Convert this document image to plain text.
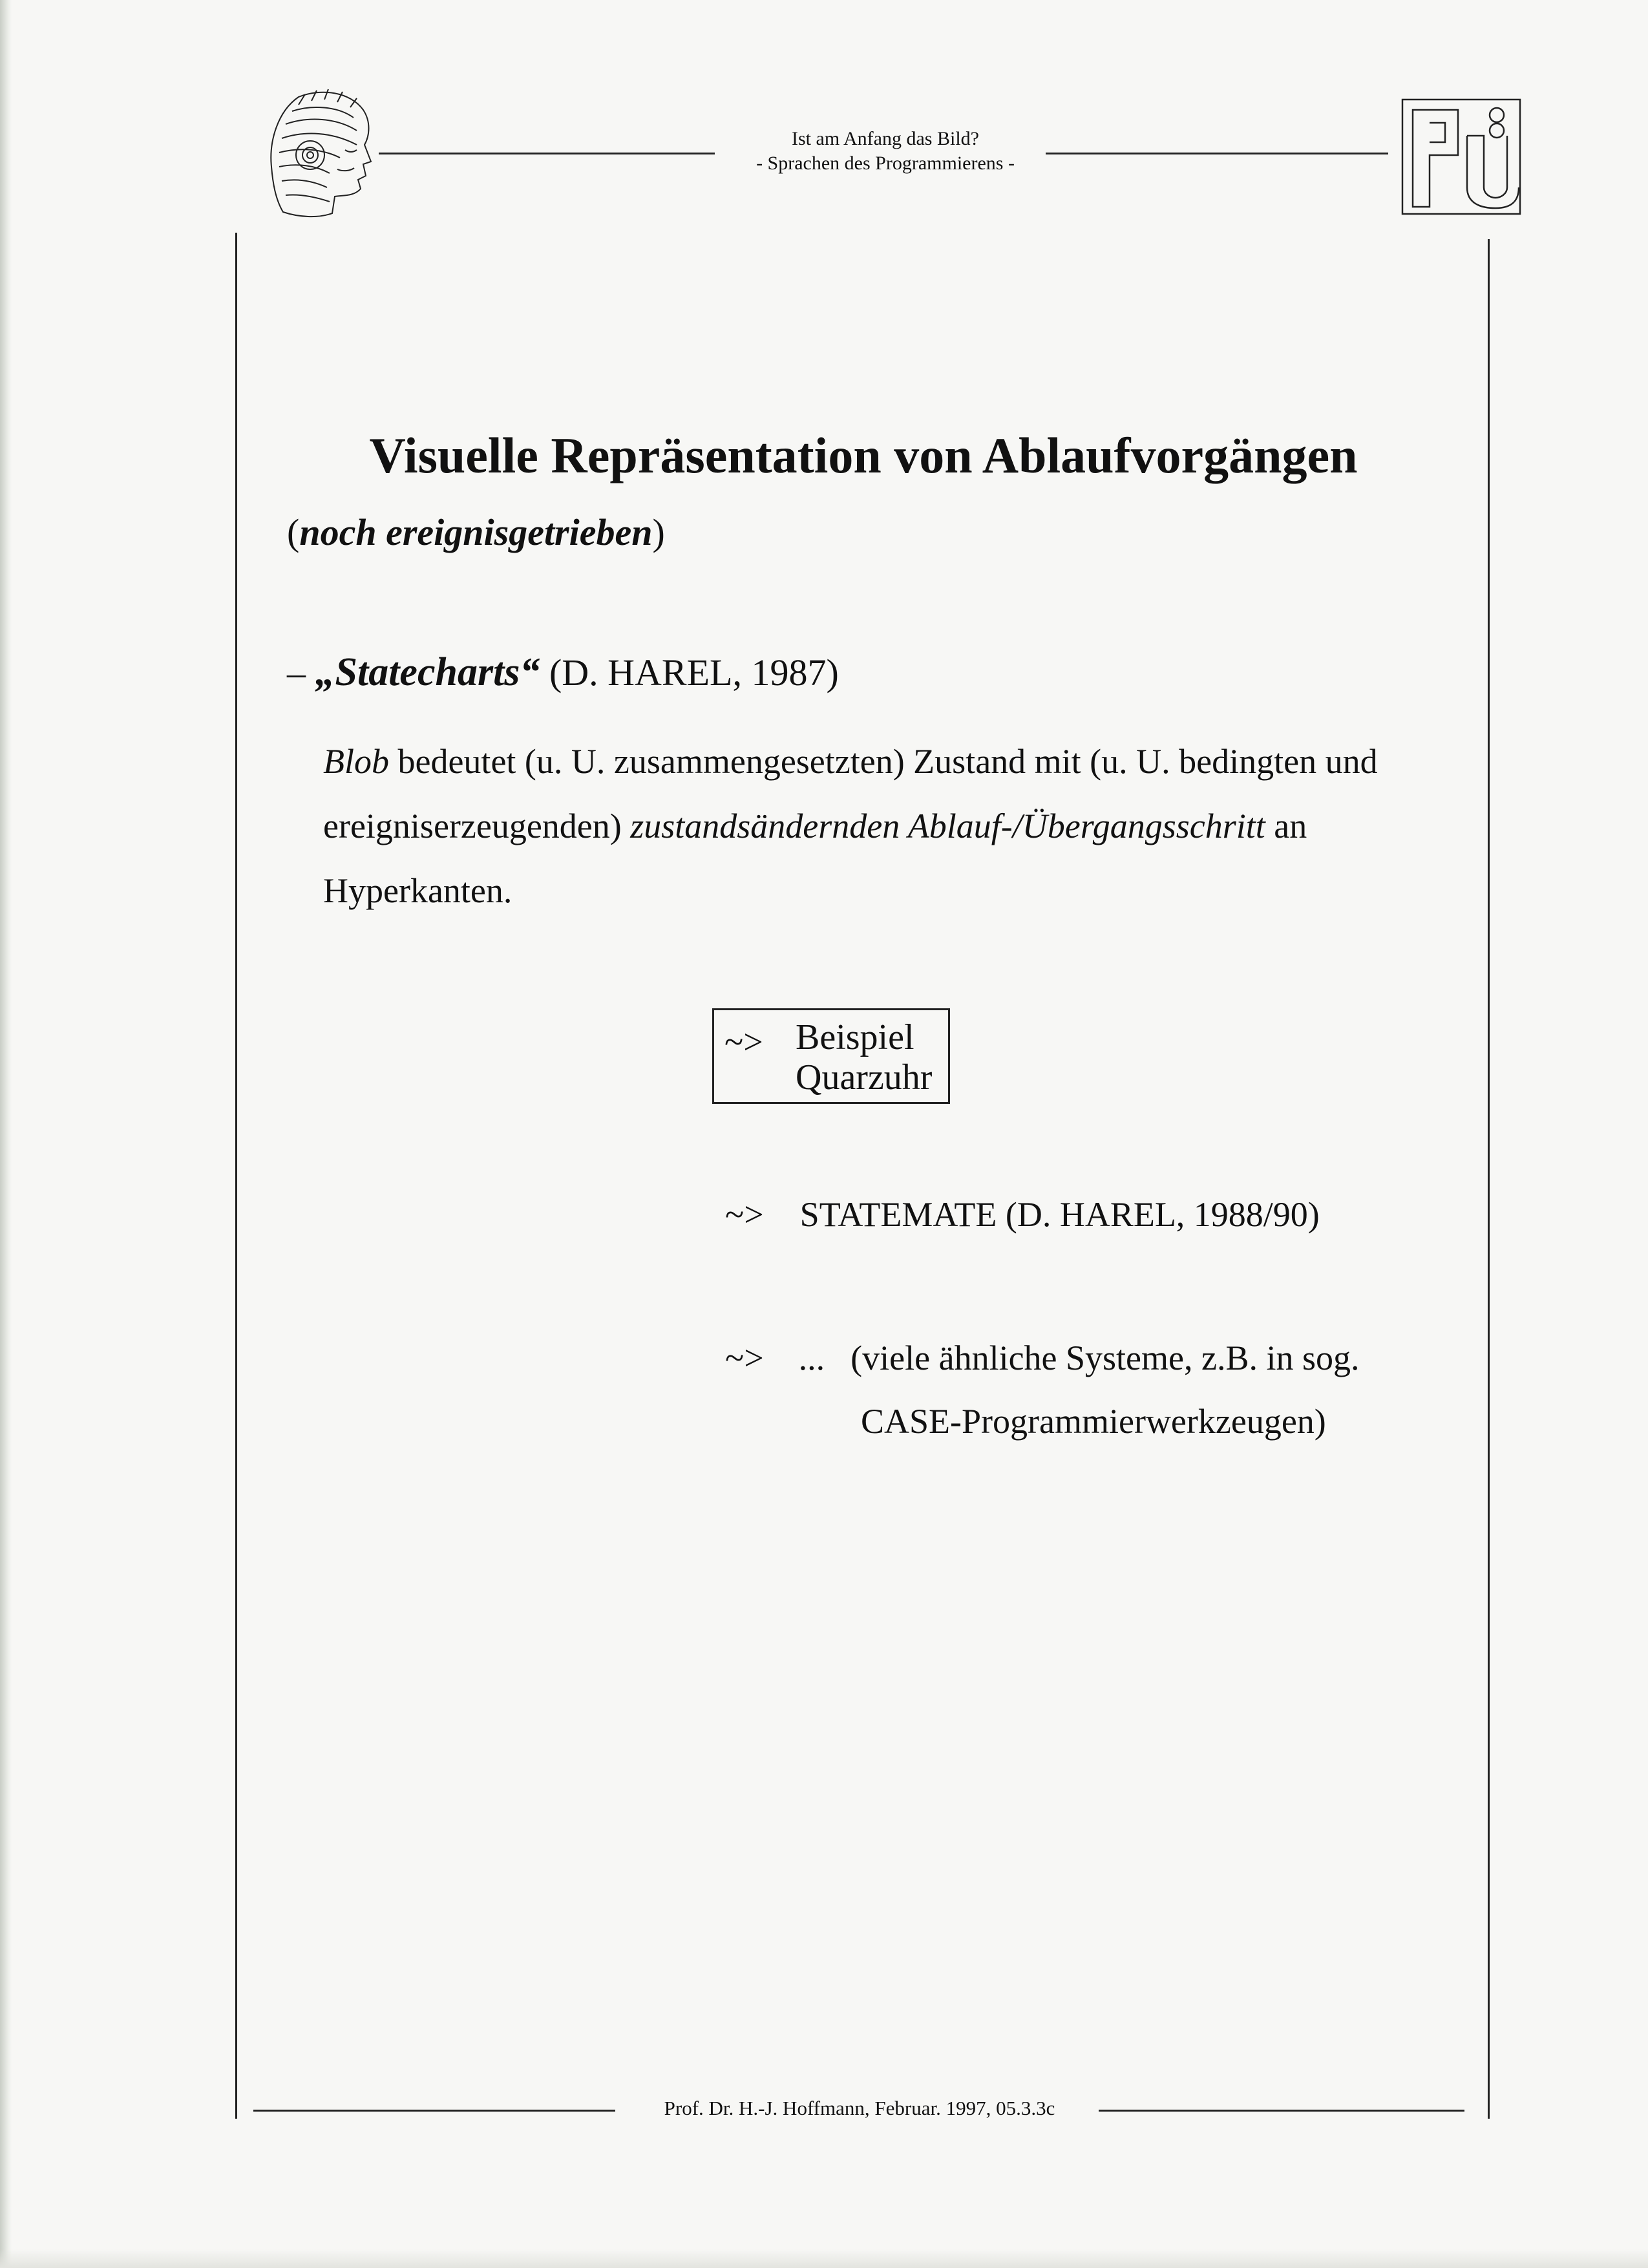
Ist am Anfang das Bild?
- Sprachen des Programmierens -
Visuelle Repräsentation von Ablaufvorgängen
(noch ereignisgetrieben)
– „Statecharts“ (D. HAREL, 1987)
Blob bedeutet (u. U. zusammengesetzten) Zustand mit (u. U. bedingten und ereigniserzeugenden) zustandsändernden Ablauf-/Übergangsschritt an Hyperkanten.
~> Beispiel
Quarzuhr
~> STATEMATE (D. HAREL, 1988/90)
~> ... (viele ähnliche Systeme, z.B. in sog.
CASE-Programmierwerkzeugen)
Prof. Dr. H.-J. Hoffmann, Februar. 1997, 05.3.3c
